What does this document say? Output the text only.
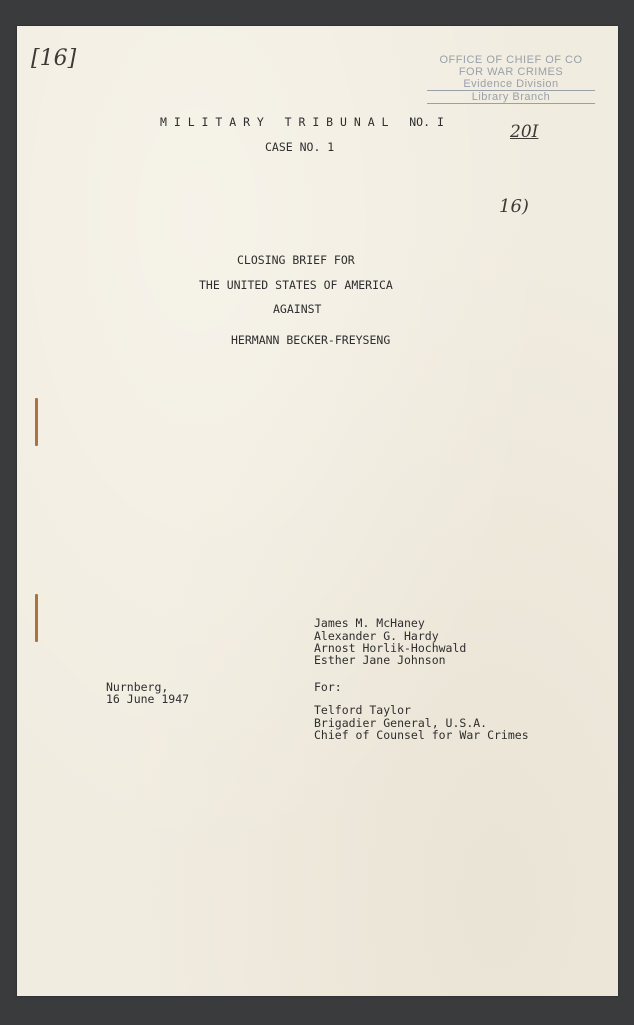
[16]
20I
16)
OFFICE OF CHIEF OF CO
FOR WAR CRIMES
Evidence Division
Library Branch
M I L I T A R Y   T R I B U N A L   NO. I
CASE NO. 1
CLOSING BRIEF FOR
THE UNITED STATES OF AMERICA
AGAINST
HERMANN BECKER-FREYSENG
James M. McHaney
Alexander G. Hardy
Arnost Horlik-Hochwald
Esther Jane Johnson
For:
Telford Taylor
Brigadier General, U.S.A.
Chief of Counsel for War Crimes
Nurnberg,
16 June 1947
